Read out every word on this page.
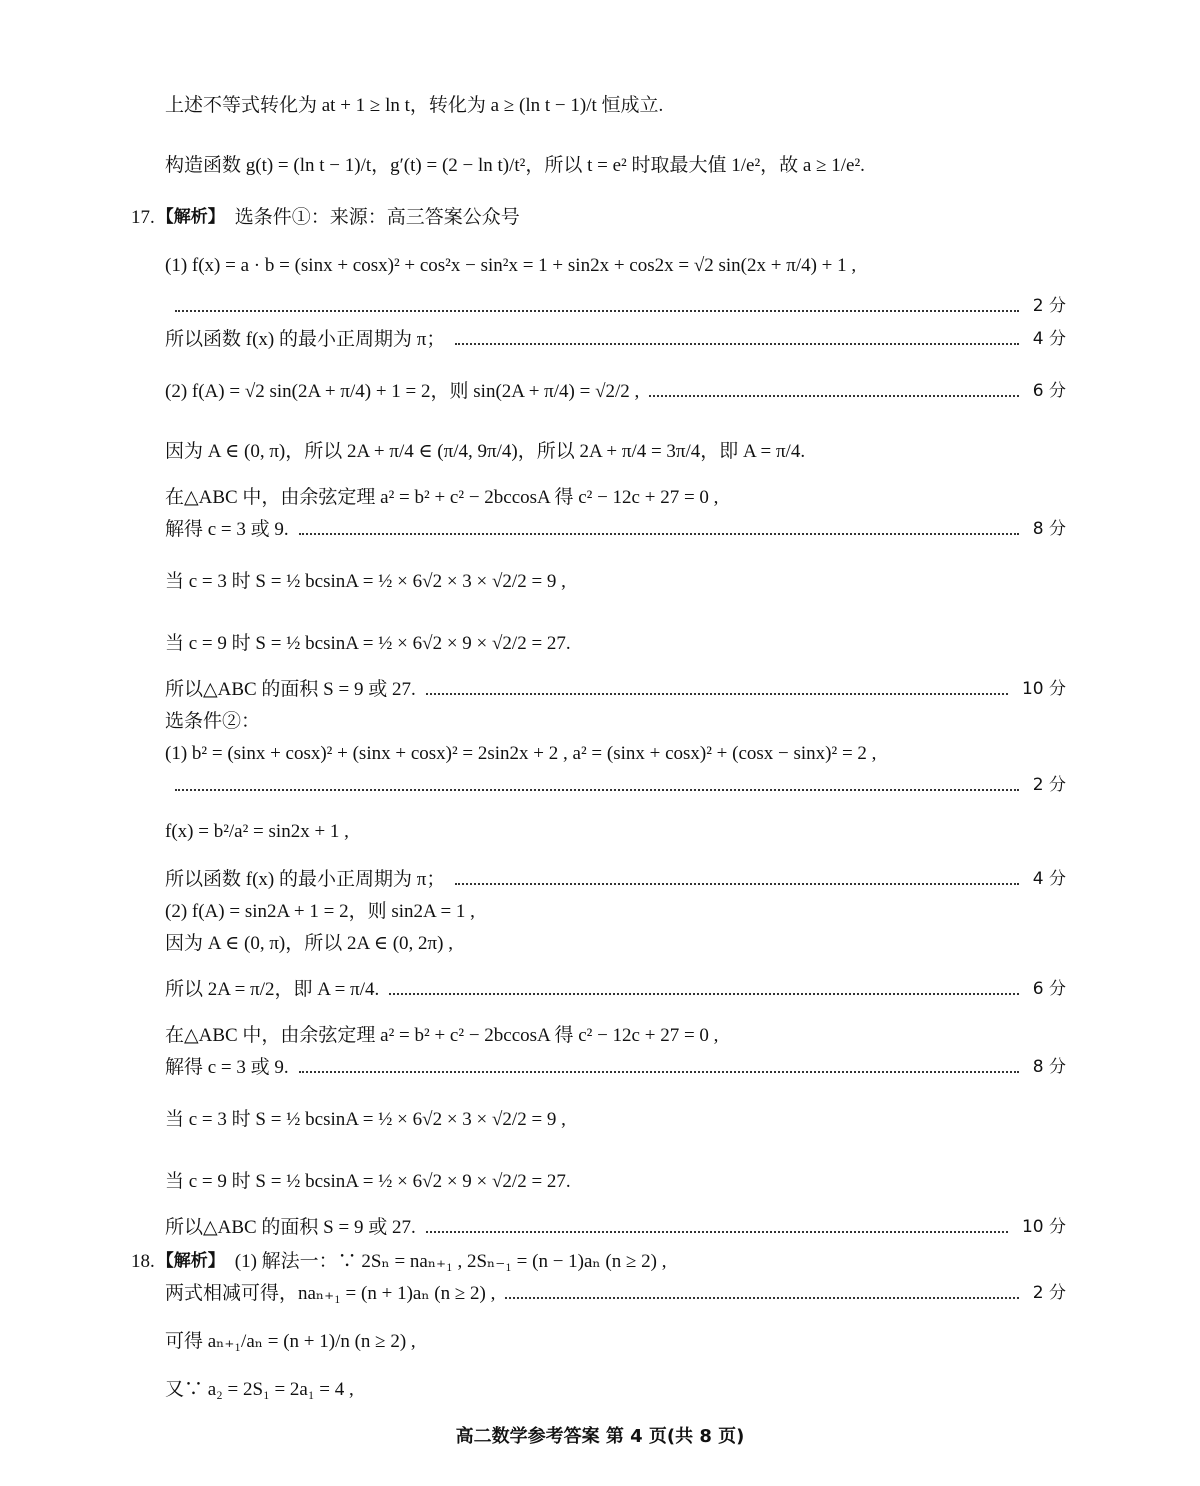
上述不等式转化为 at + 1 ≥ ln t，转化为 a ≥ (ln t − 1)/t 恒成立.
构造函数 g(t) = (ln t − 1)/t，g′(t) = (2 − ln t)/t²，所以 t = e² 时取最大值 1/e²，故 a ≥ 1/e².
17. 【解析】 选条件①：来源：高三答案公众号
(1) f(x) = a · b = (sinx + cosx)² + cos²x − sin²x = 1 + sin2x + cos2x = √2 sin(2x + π/4) + 1 ,
2 分
所以函数 f(x) 的最小正周期为 π；	4 分
(2) f(A) = √2 sin(2A + π/4) + 1 = 2，则 sin(2A + π/4) = √2/2 ,	6 分
因为 A ∈ (0, π)，所以 2A + π/4 ∈ (π/4, 9π/4)，所以 2A + π/4 = 3π/4，即 A = π/4.
在△ABC 中，由余弦定理 a² = b² + c² − 2bccosA 得 c² − 12c + 27 = 0 ,
解得 c = 3 或 9.	8 分
当 c = 3 时 S = ½ bcsinA = ½ × 6√2 × 3 × √2/2 = 9 ,
当 c = 9 时 S = ½ bcsinA = ½ × 6√2 × 9 × √2/2 = 27.
所以△ABC 的面积 S = 9 或 27.	10 分
选条件②：
(1) b² = (sinx + cosx)² + (sinx + cosx)² = 2sin2x + 2 , a² = (sinx + cosx)² + (cosx − sinx)² = 2 ,
2 分
f(x) = b²/a² = sin2x + 1 ,
所以函数 f(x) 的最小正周期为 π；	4 分
(2) f(A) = sin2A + 1 = 2，则 sin2A = 1 ,
因为 A ∈ (0, π)，所以 2A ∈ (0, 2π) ,
所以 2A = π/2，即 A = π/4.	6 分
在△ABC 中，由余弦定理 a² = b² + c² − 2bccosA 得 c² − 12c + 27 = 0 ,
解得 c = 3 或 9.	8 分
当 c = 3 时 S = ½ bcsinA = ½ × 6√2 × 3 × √2/2 = 9 ,
当 c = 9 时 S = ½ bcsinA = ½ × 6√2 × 9 × √2/2 = 27.
所以△ABC 的面积 S = 9 或 27.	10 分
18. 【解析】 (1) 解法一：∵ 2Sₙ = naₙ₊₁ , 2Sₙ₋₁ = (n − 1)aₙ (n ≥ 2) ,
两式相减可得，naₙ₊₁ = (n + 1)aₙ (n ≥ 2) ,	2 分
可得 aₙ₊₁/aₙ = (n + 1)/n (n ≥ 2) ,
又∵ a₂ = 2S₁ = 2a₁ = 4 ,
高二数学参考答案 第 4 页(共 8 页)
